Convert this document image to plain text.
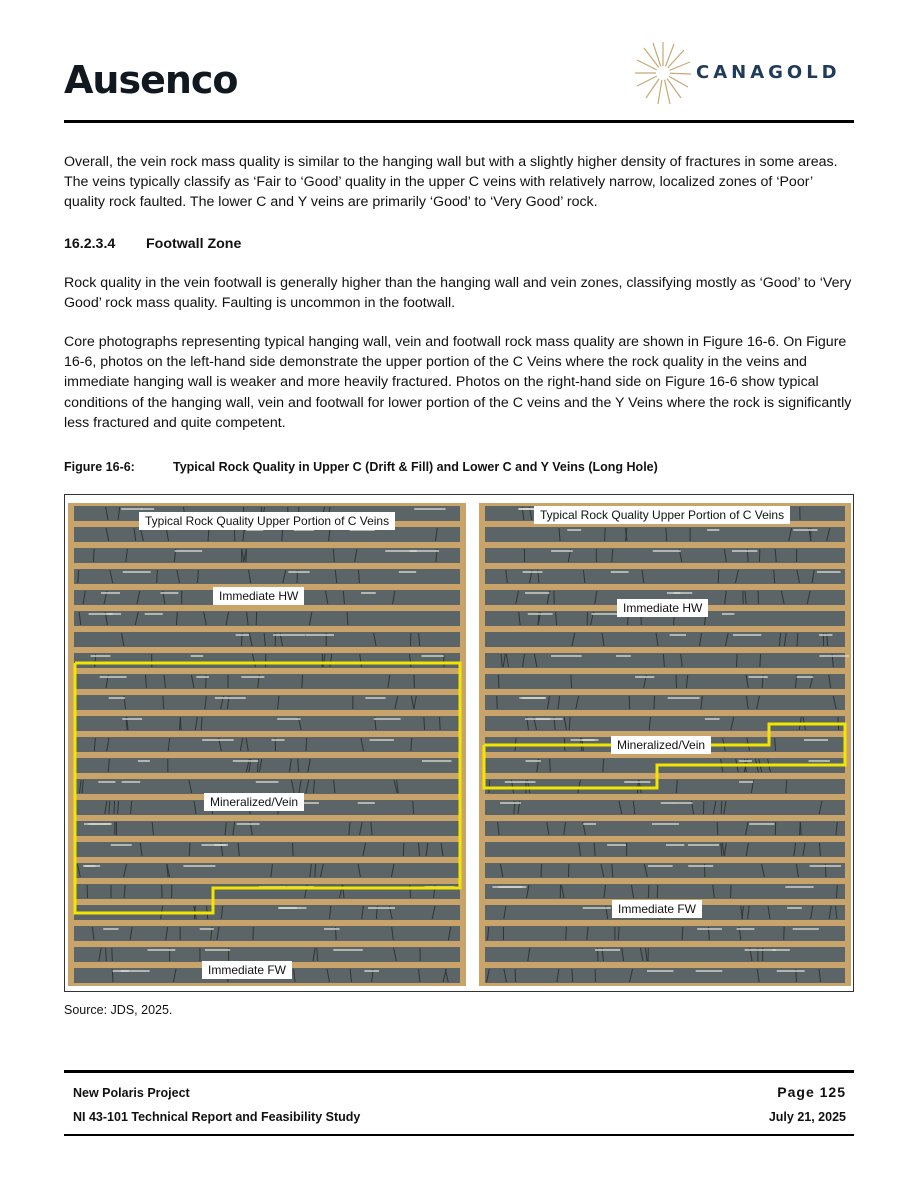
Ausenco	CANAGOLD
Overall, the vein rock mass quality is similar to the hanging wall but with a slightly higher density of fractures in some areas. The veins typically classify as ‘Fair to ‘Good’ quality in the upper C veins with relatively narrow, localized zones of ‘Poor’ quality rock faulted. The lower C and Y veins are primarily ‘Good’ to ‘Very Good’ rock.
16.2.3.4 Footwall Zone
Rock quality in the vein footwall is generally higher than the hanging wall and vein zones, classifying mostly as ‘Good’ to ‘Very Good’ rock mass quality. Faulting is uncommon in the footwall.
Core photographs representing typical hanging wall, vein and footwall rock mass quality are shown in Figure 16-6. On Figure 16-6, photos on the left-hand side demonstrate the upper portion of the C Veins where the rock quality in the veins and immediate hanging wall is weaker and more heavily fractured. Photos on the right-hand side on Figure 16-6 show typical conditions of the hanging wall, vein and footwall for lower portion of the C veins and the Y Veins where the rock is significantly less fractured and quite competent.
Figure 16-6:	Typical Rock Quality in Upper C (Drift & Fill) and Lower C and Y Veins (Long Hole)
Typical Rock Quality Upper Portion of C Veins
Immediate HW
Mineralized/Vein
Immediate FW
Typical Rock Quality Upper Portion of C Veins
Immediate HW
Mineralized/Vein
Immediate FW
Source: JDS, 2025.
New Polaris Project
NI 43-101 Technical Report and Feasibility Study
Page 125
July 21, 2025
